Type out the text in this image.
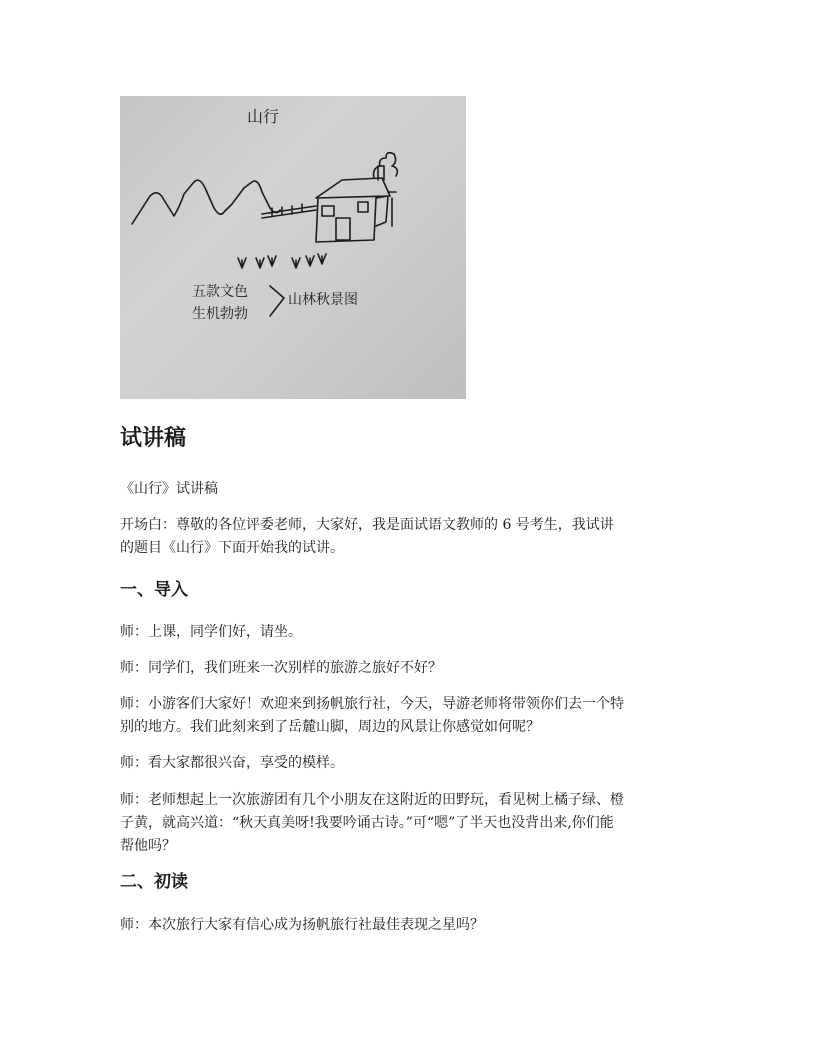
山行
五款文色
生机勃勃
山林秋景图
试讲稿

《山行》试讲稿

开场白：尊敬的各位评委老师，大家好，我是面试语文教师的 6 号考生，我试讲
的题目《山行》下面开始我的试讲。

一、导入

师：上课，同学们好，请坐。

师：同学们，我们班来一次别样的旅游之旅好不好？

师：小游客们大家好！欢迎来到扬帆旅行社，今天，导游老师将带领你们去一个特
别的地方。我们此刻来到了岳麓山脚，周边的风景让你感觉如何呢？

师：看大家都很兴奋，享受的模样。

师：老师想起上一次旅游团有几个小朋友在这附近的田野玩，看见树上橘子绿、橙
子黄，就高兴道：“秋天真美呀!我要吟诵古诗。”可“嗯”了半天也没背出来,你们能
帮他吗？

二、初读

师：本次旅行大家有信心成为扬帆旅行社最佳表现之星吗？
